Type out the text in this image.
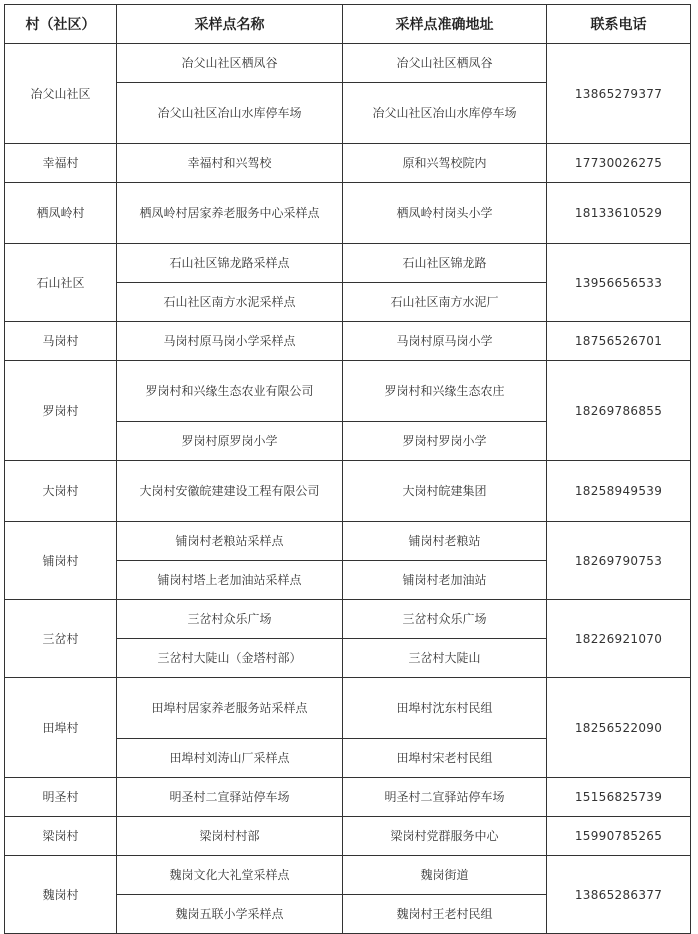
村（社区）	采样点名称	采样点准确地址	联系电话
冶父山社区	冶父山社区栖凤谷	冶父山社区栖凤谷	13865279377
	冶父山社区冶山水库停车场	冶父山社区冶山水库停车场	
幸福村	幸福村和兴驾校	原和兴驾校院内	17730026275
栖凤岭村	栖凤岭村居家养老服务中心采样点	栖凤岭村岗头小学	18133610529
石山社区	石山社区锦龙路采样点	石山社区锦龙路	13956656533
	石山社区南方水泥采样点	石山社区南方水泥厂	
马岗村	马岗村原马岗小学采样点	马岗村原马岗小学	18756526701
罗岗村	罗岗村和兴缘生态农业有限公司	罗岗村和兴缘生态农庄	18269786855
	罗岗村原罗岗小学	罗岗村罗岗小学	
大岗村	大岗村安徽皖建建设工程有限公司	大岗村皖建集团	18258949539
铺岗村	铺岗村老粮站采样点	铺岗村老粮站	18269790753
	铺岗村塔上老加油站采样点	铺岗村老加油站	
三岔村	三岔村众乐广场	三岔村众乐广场	18226921070
	三岔村大陡山（金塔村部）	三岔村大陡山	
田埠村	田埠村居家养老服务站采样点	田埠村沈东村民组	18256522090
	田埠村刘涛山厂采样点	田埠村宋老村民组	
明圣村	明圣村二宣驿站停车场	明圣村二宣驿站停车场	15156825739
梁岗村	梁岗村村部	梁岗村党群服务中心	15990785265
魏岗村	魏岗文化大礼堂采样点	魏岗街道	13865286377
	魏岗五联小学采样点	魏岗村王老村民组	
